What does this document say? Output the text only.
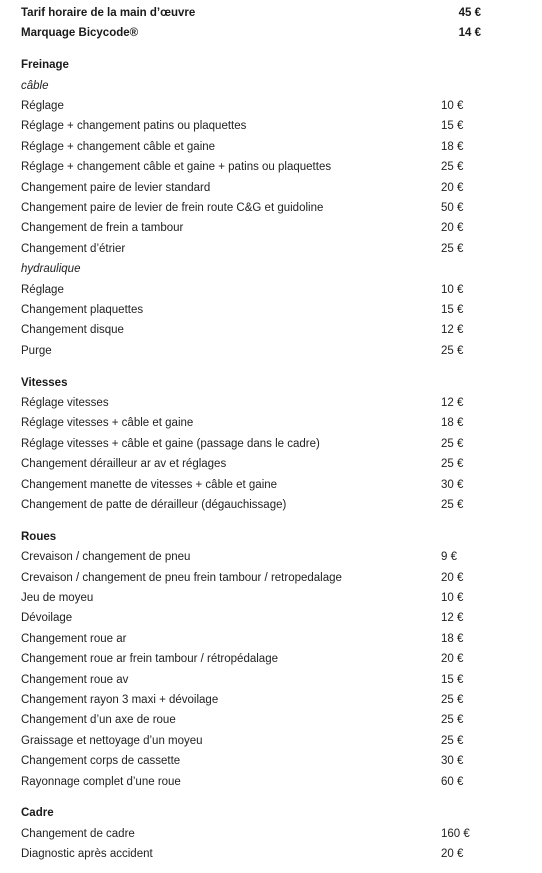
Tarif horaire de la main d’œuvre	45 €
Marquage Bicycode®	14 €
Freinage
câble
Réglage	10 €
Réglage + changement patins ou plaquettes	15 €
Réglage + changement câble et gaine	18 €
Réglage + changement câble et gaine + patins ou plaquettes	25 €
Changement paire de levier standard	20 €
Changement paire de levier de frein route C&G et guidoline	50 €
Changement de frein a tambour	20 €
Changement d’étrier	25 €
hydraulique
Réglage	10 €
Changement plaquettes	15 €
Changement disque	12 €
Purge	25 €
Vitesses
Réglage vitesses	12 €
Réglage vitesses + câble et gaine	18 €
Réglage vitesses + câble et gaine (passage dans le cadre)	25 €
Changement dérailleur ar av et réglages	25 €
Changement manette de vitesses + câble et gaine	30 €
Changement de patte de dérailleur (dégauchissage)	25 €
Roues
Crevaison / changement de pneu	9 €
Crevaison / changement de pneu frein tambour / retropedalage	20 €
Jeu de moyeu	10 €
Dévoilage	12 €
Changement roue ar	18 €
Changement roue ar frein tambour / rétropédalage	20 €
Changement roue av	15 €
Changement rayon 3 maxi + dévoilage	25 €
Changement d’un axe de roue	25 €
Graissage et nettoyage d’un moyeu	25 €
Changement corps de cassette	30 €
Rayonnage complet d’une roue	60 €
Cadre
Changement de cadre	160 €
Diagnostic après accident	20 €
